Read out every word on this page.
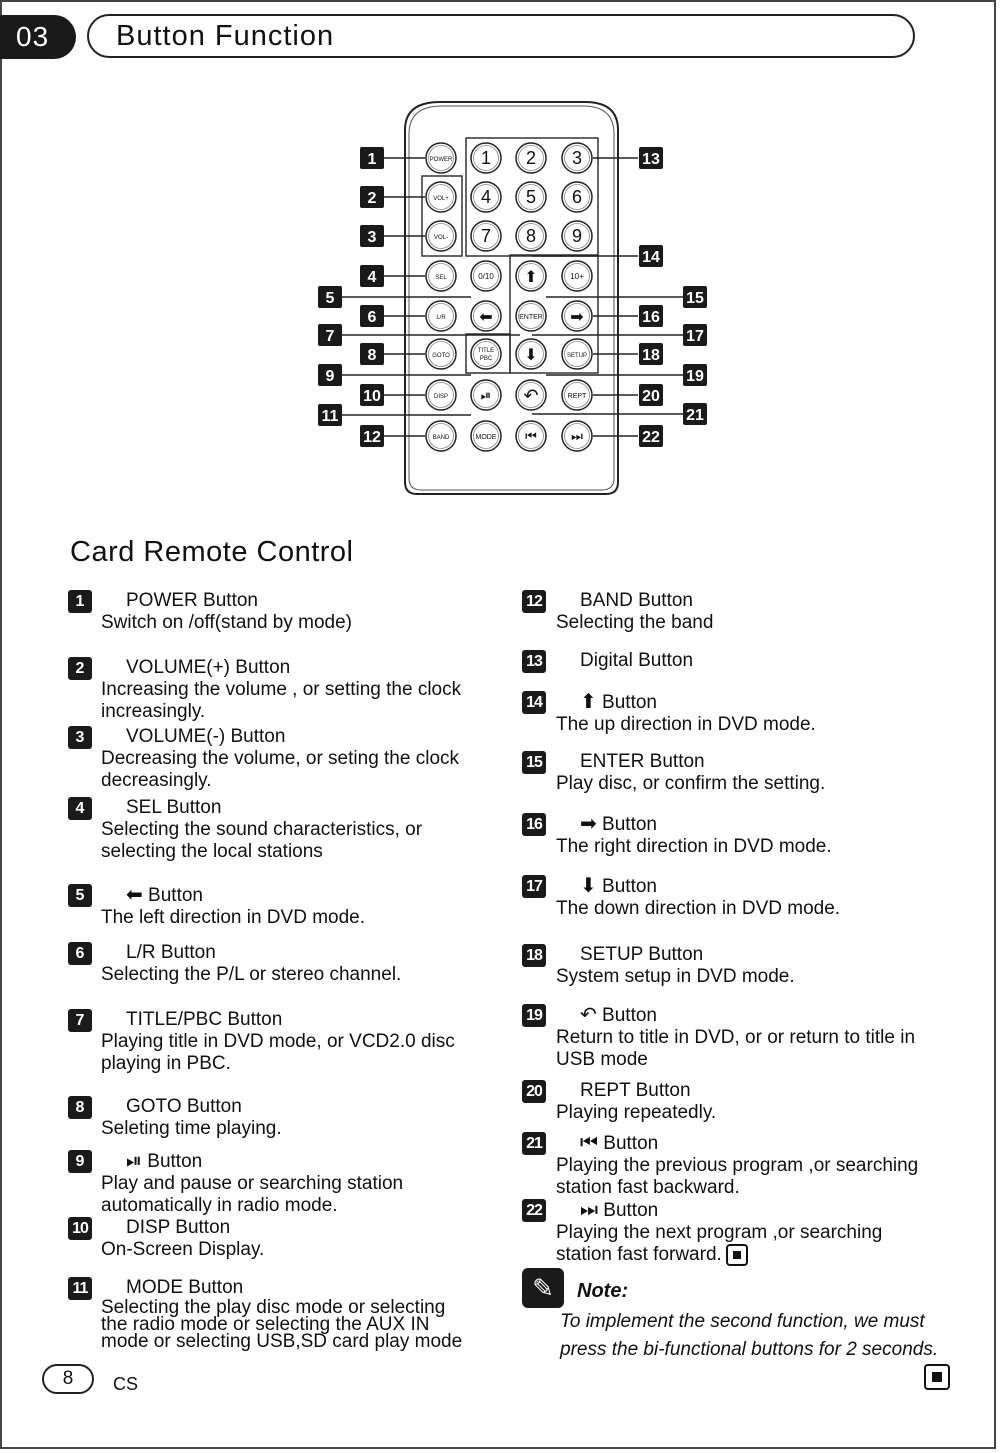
03	Button Function
POWER
VOL+
VOL-
SEL
L/R
GOTO
DISP
BAND
1 2 3
4 5 6
7 8 9
0/10	10+
ENTER
TITLE
PBC	SETUP
REPT
MODE
⬆
⬅	➡
⬇
⏯ ↶
⏮	⏭
1
2
3
4
5
6
7
8
9
10
11
12
13
14
15
16
17
18
19
20
21
22
Card Remote Control
1	POWER Button
Switch on /off(stand by mode)
2	VOLUME(+) Button
Increasing the volume , or setting the clock
increasingly.
3	VOLUME(-) Button
Decreasing the volume, or seting the clock
decreasingly.
4	SEL Button
Selecting the sound characteristics, or
selecting the local stations
5	⬅ Button
The left direction in DVD mode.
6	L/R Button
Selecting the P/L or stereo channel.
7	TITLE/PBC Button
Playing title in DVD mode, or VCD2.0 disc
playing in PBC.
8	GOTO Button
Seleting time playing.
9	⏯ Button
Play and pause or searching station
automatically in radio mode.
10 DISP Button
On-Screen Display.
11 MODE Button
Selecting the play disc mode or selecting
the radio mode or selecting the AUX IN
mode or selecting USB,SD card play mode
12 BAND Button
Selecting the band
13 Digital Button
14 ⬆ Button
The up direction in DVD mode.
15 ENTER Button
Play disc, or confirm the setting.
16 ➡ Button
The right direction in DVD mode.
17 ⬇ Button
The down direction in DVD mode.
18 SETUP Button
System setup in DVD mode.
19 ↶ Button
Return to title in DVD, or or return to title in
USB mode
20 REPT Button
Playing repeatedly.
21 ⏮ Button
Playing the previous program ,or searching
station fast backward.
22 ⏭ Button
Playing the next program ,or searching
station fast forward.
✎	Note:
To implement the second function, we must press the bi-functional buttons for 2 seconds.
8	CS
